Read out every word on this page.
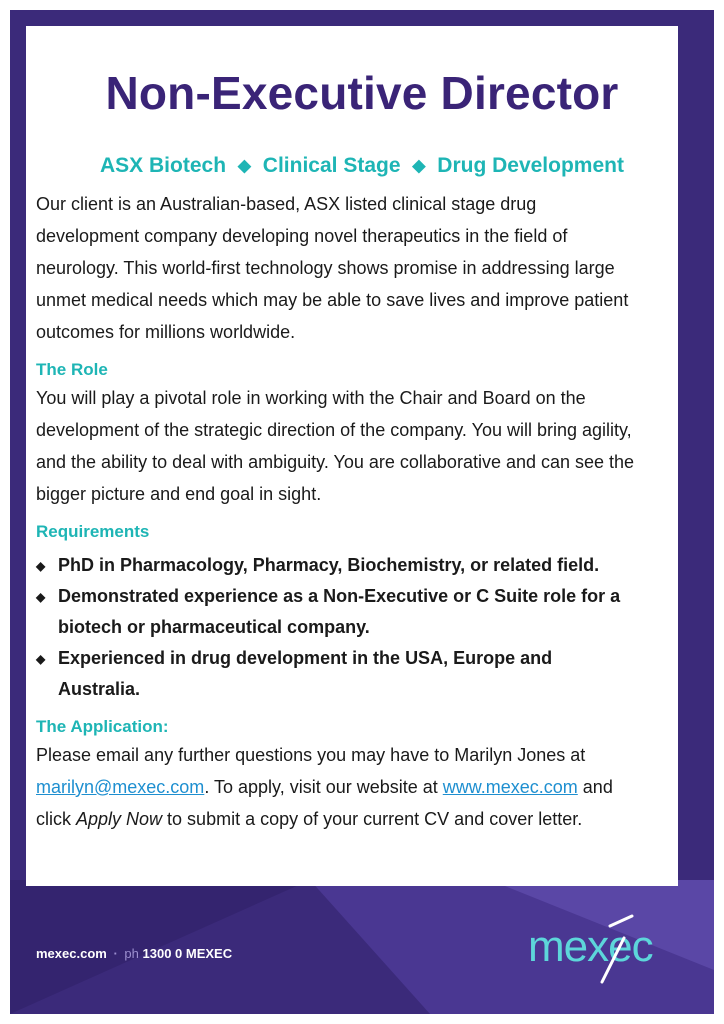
Non-Executive Director
ASX Biotech ◆ Clinical Stage ◆ Drug Development

Our client is an Australian-based, ASX listed clinical stage drug development company developing novel therapeutics in the field of neurology. This world-first technology shows promise in addressing large unmet medical needs which may be able to save lives and improve patient outcomes for millions worldwide.

The Role

You will play a pivotal role in working with the Chair and Board on the development of the strategic direction of the company. You will bring agility, and the ability to deal with ambiguity. You are collaborative and can see the bigger picture and end goal in sight.

Requirements

◆ PhD in Pharmacology, Pharmacy, Biochemistry, or related field.
◆ Demonstrated experience as a Non-Executive or C Suite role for a biotech or pharmaceutical company.
◆ Experienced in drug development in the USA, Europe and Australia.

The Application:

Please email any further questions you may have to Marilyn Jones at marilyn@mexec.com. To apply, visit our website at www.mexec.com and click Apply Now to submit a copy of your current CV and cover letter.

mexec.com · ph 1300 0 MEXEC	mexec
